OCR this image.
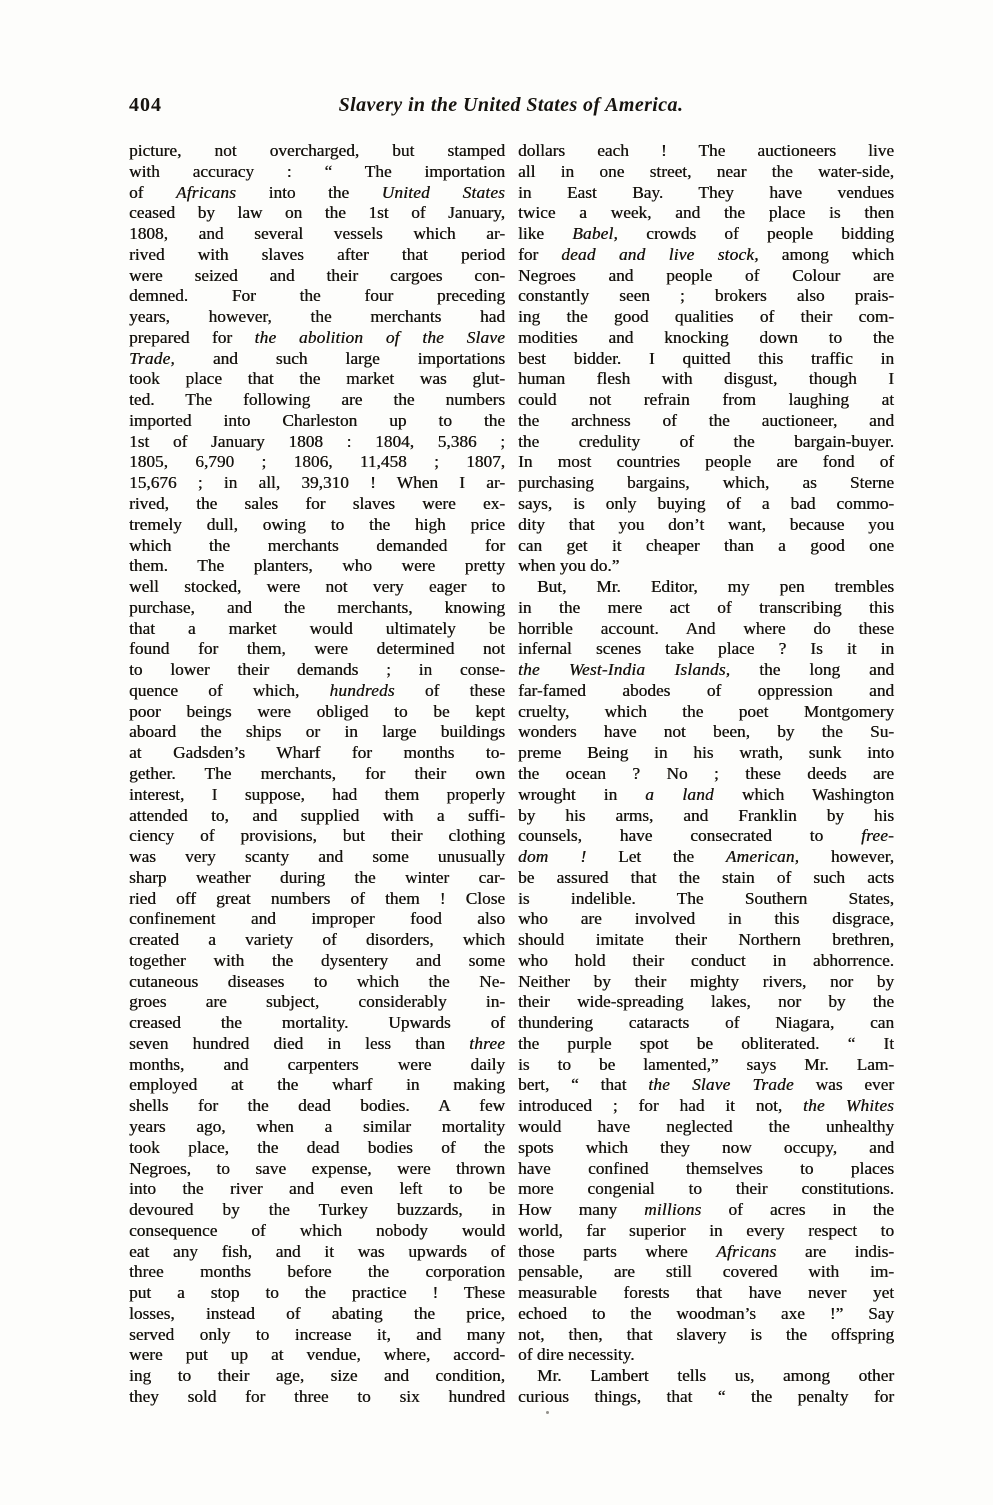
404	Slavery in the United States of America.
picture, not overcharged, but stamped
with accuracy : “ The importation
of Africans into the United States
ceased by law on the 1st of January,
1808, and several vessels which ar-
rived with slaves after that period
were seized and their cargoes con-
demned. For the four preceding
years, however, the merchants had
prepared for the abolition of the Slave
Trade, and such large importations
took place that the market was glut-
ted. The following are the numbers
imported into Charleston up to the
1st of January 1808 : 1804, 5,386 ;
1805, 6,790 ; 1806, 11,458 ; 1807,
15,676 ; in all, 39,310 ! When I ar-
rived, the sales for slaves were ex-
tremely dull, owing to the high price
which the merchants demanded for
them. The planters, who were pretty
well stocked, were not very eager to
purchase, and the merchants, knowing
that a market would ultimately be
found for them, were determined not
to lower their demands ; in conse-
quence of which, hundreds of these
poor beings were obliged to be kept
aboard the ships or in large buildings
at Gadsden’s Wharf for months to-
gether. The merchants, for their own
interest, I suppose, had them properly
attended to, and supplied with a suffi-
ciency of provisions, but their clothing
was very scanty and some unusually
sharp weather during the winter car-
ried off great numbers of them ! Close
confinement and improper food also
created a variety of disorders, which
together with the dysentery and some
cutaneous diseases to which the Ne-
groes are subject, considerably in-
creased the mortality. Upwards of
seven hundred died in less than three
months, and carpenters were daily
employed at the wharf in making
shells for the dead bodies. A few
years ago, when a similar mortality
took place, the dead bodies of the
Negroes, to save expense, were thrown
into the river and even left to be
devoured by the Turkey buzzards, in
consequence of which nobody would
eat any fish, and it was upwards of
three months before the corporation
put a stop to the practice ! These
losses, instead of abating the price,
served only to increase it, and many
were put up at vendue, where, accord-
ing to their age, size and condition,
they sold for three to six hundred
dollars each ! The auctioneers live
all in one street, near the water-side,
in East Bay. They have vendues
twice a week, and the place is then
like Babel, crowds of people bidding
for dead and live stock, among which
Negroes and people of Colour are
constantly seen ; brokers also prais-
ing the good qualities of their com-
modities and knocking down to the
best bidder. I quitted this traffic in
human flesh with disgust, though I
could not refrain from laughing at
the archness of the auctioneer, and
the credulity of the bargain-buyer.
In most countries people are fond of
purchasing bargains, which, as Sterne
says, is only buying of a bad commo-
dity that you don’t want, because you
can get it cheaper than a good one
when you do.”
But, Mr. Editor, my pen trembles
in the mere act of transcribing this
horrible account. And where do these
infernal scenes take place ? Is it in
the West-India Islands, the long and
far-famed abodes of oppression and
cruelty, which the poet Montgomery
wonders have not been, by the Su-
preme Being in his wrath, sunk into
the ocean ? No ; these deeds are
wrought in a land which Washington
by his arms, and Franklin by his
counsels, have consecrated to free-
dom ! Let the American, however,
be assured that the stain of such acts
is indelible. The Southern States,
who are involved in this disgrace,
should imitate their Northern brethren,
who hold their conduct in abhorrence.
Neither by their mighty rivers, nor by
their wide-spreading lakes, nor by the
thundering cataracts of Niagara, can
the purple spot be obliterated. “ It
is to be lamented,” says Mr. Lam-
bert, “ that the Slave Trade was ever
introduced ; for had it not, the Whites
would have neglected the unhealthy
spots which they now occupy, and
have confined themselves to places
more congenial to their constitutions.
How many millions of acres in the
world, far superior in every respect to
those parts where Africans are indis-
pensable, are still covered with im-
measurable forests that have never yet
echoed to the woodman’s axe !” Say
not, then, that slavery is the offspring
of dire necessity.
Mr. Lambert tells us, among other
curious things, that “ the penalty for
